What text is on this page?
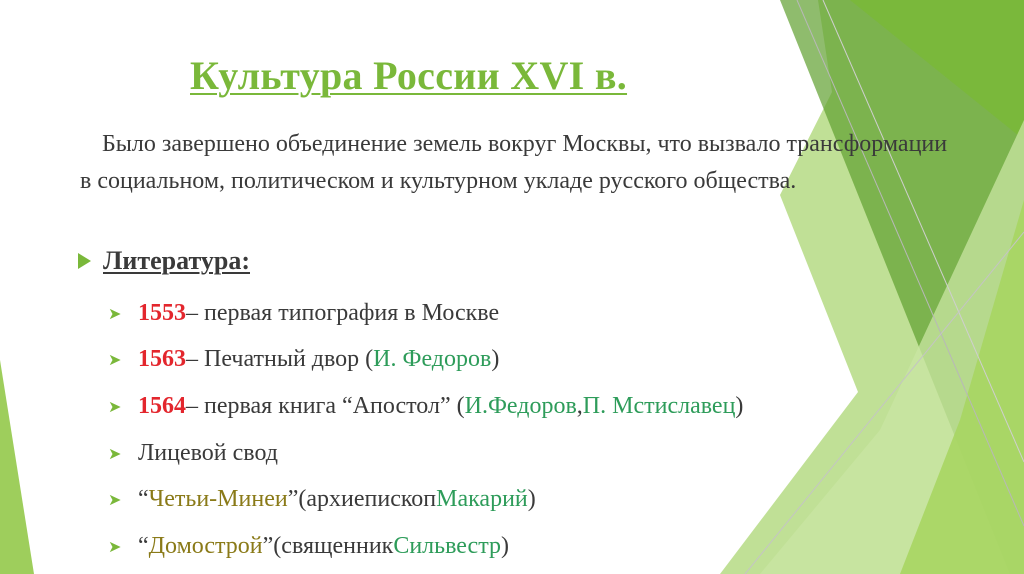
Культура России XVI в.

Было завершено объединение земель вокруг Москвы, что вызвало трансформации в социальном, политическом и культурном укладе русского общества.

Литература:
➤ 1553 – первая типография в Москве
➤ 1563 – Печатный двор ( И. Федоров )
➤ 1564 – первая книга “Апостол” ( И.Федоров , П. Мстиславец )
➤ Лицевой свод
➤ “ Четьи-Минеи ” (архиепископ Макарий )
➤ “ Домострой ” (священник Сильвестр )
